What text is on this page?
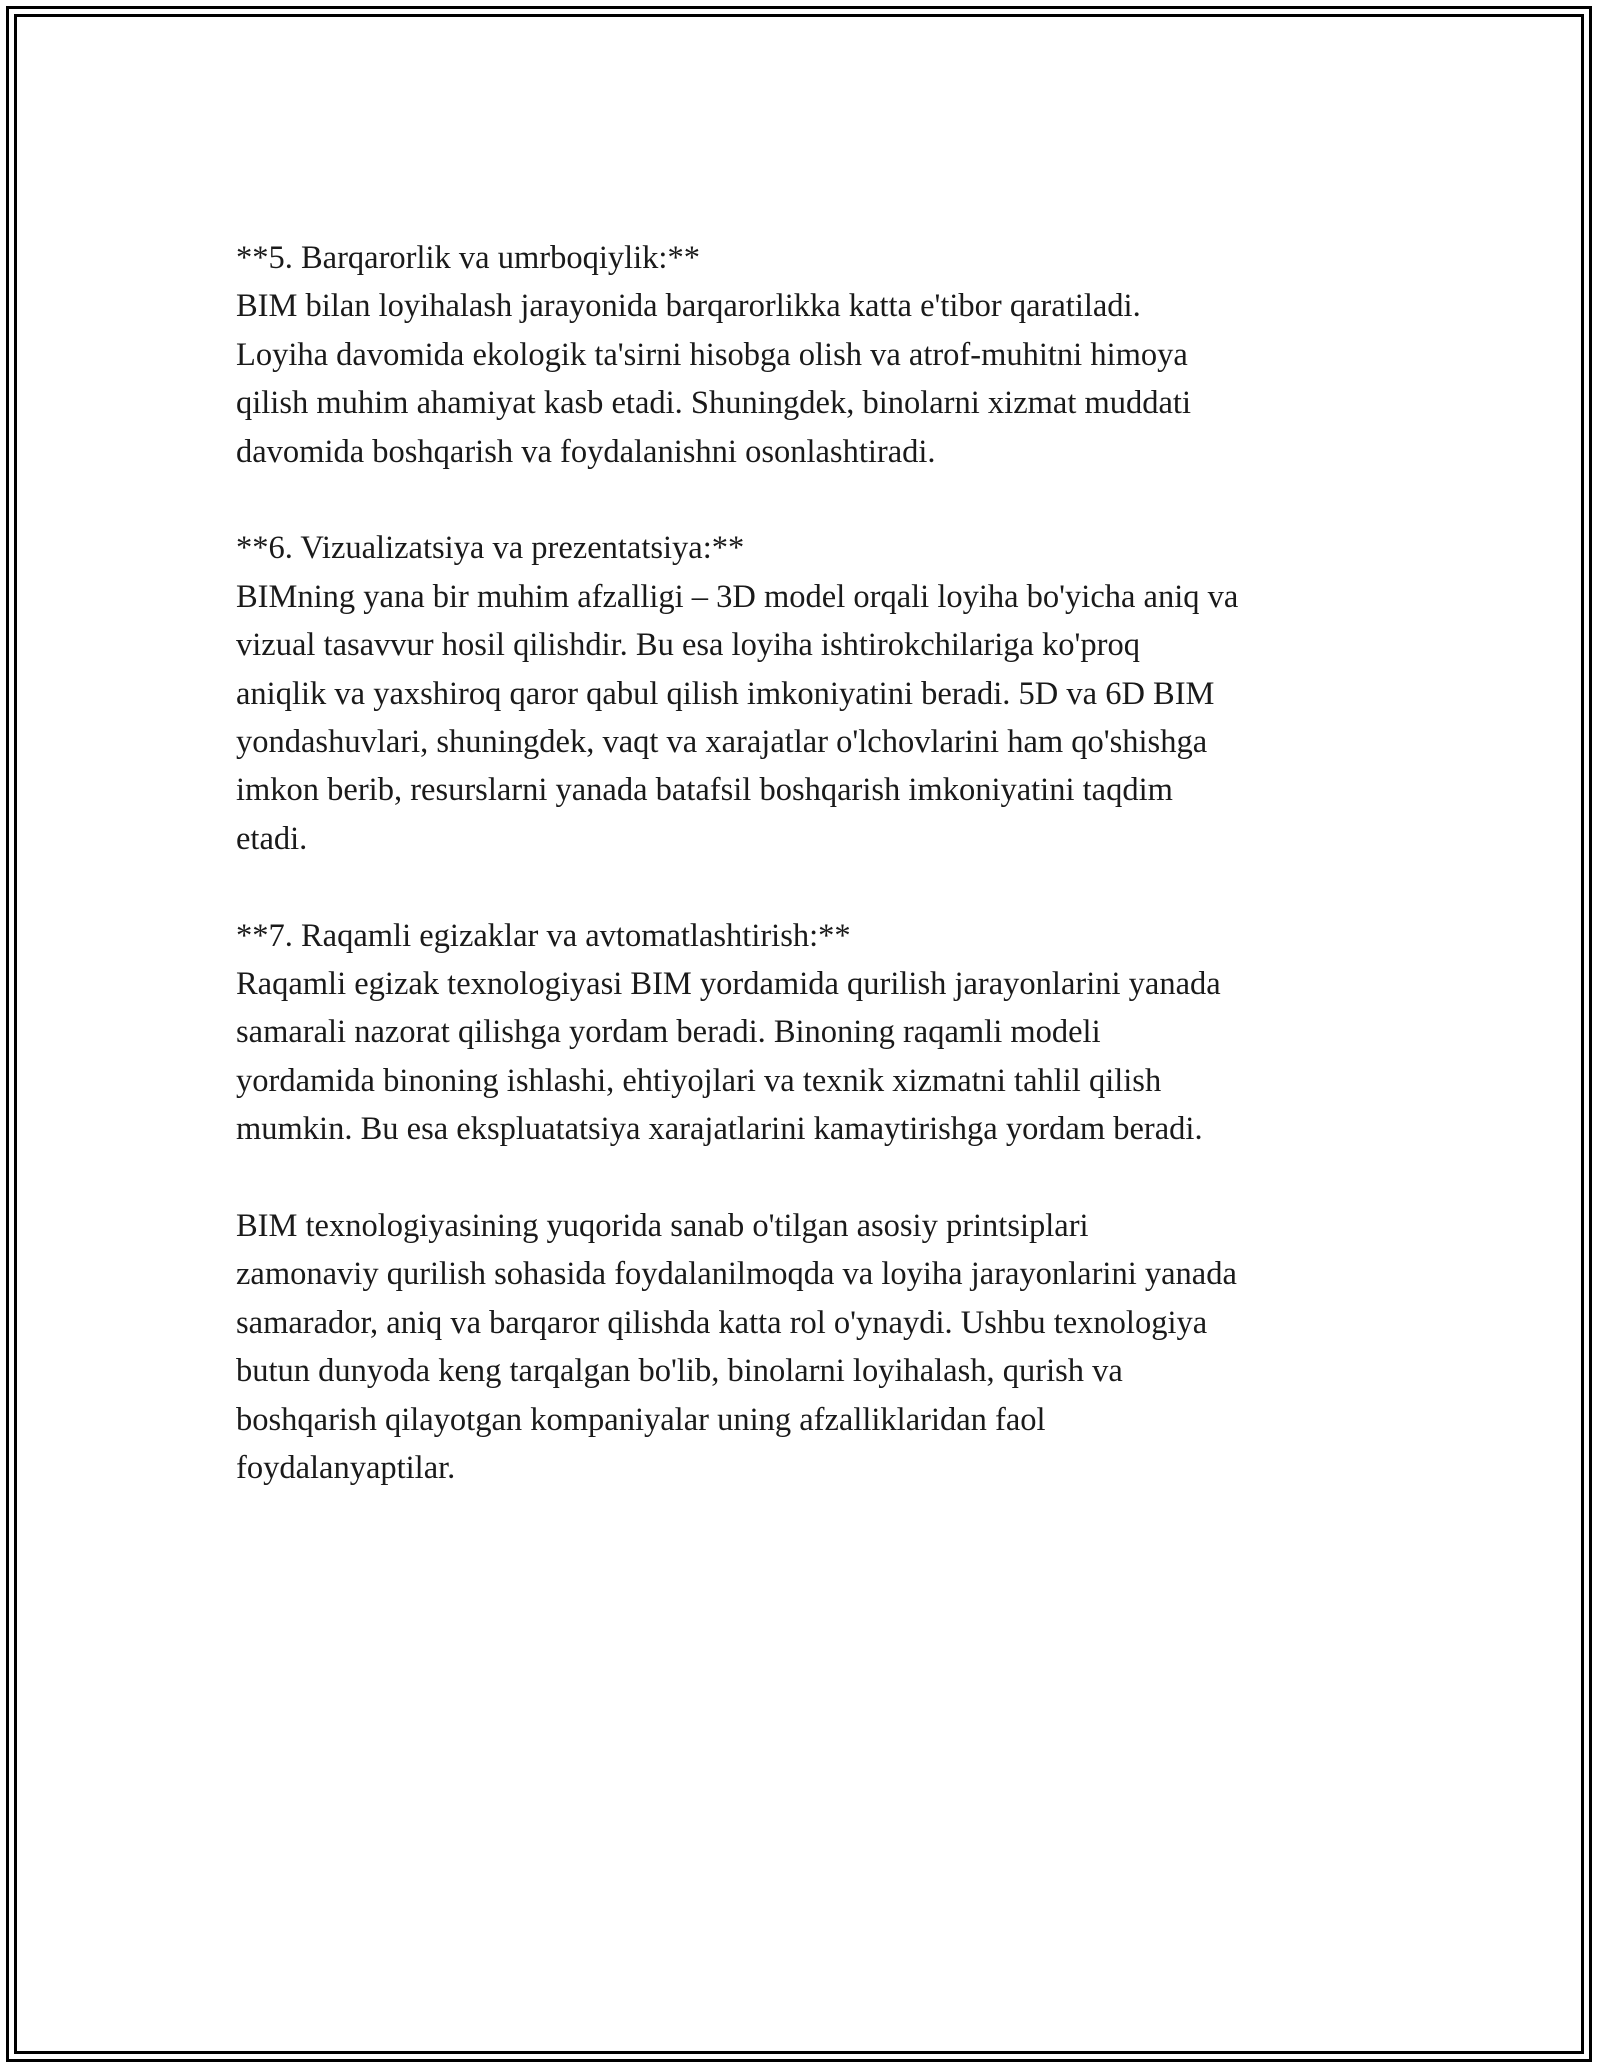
**5. Barqarorlik va umrboqiylik:**
BIM bilan loyihalash jarayonida barqarorlikka katta e'tibor qaratiladi.
Loyiha davomida ekologik ta'sirni hisobga olish va atrof-muhitni himoya
qilish muhim ahamiyat kasb etadi. Shuningdek, binolarni xizmat muddati
davomida boshqarish va foydalanishni osonlashtiradi.

**6. Vizualizatsiya va prezentatsiya:**
BIMning yana bir muhim afzalligi – 3D model orqali loyiha bo'yicha aniq va
vizual tasavvur hosil qilishdir. Bu esa loyiha ishtirokchilariga ko'proq
aniqlik va yaxshiroq qaror qabul qilish imkoniyatini beradi. 5D va 6D BIM
yondashuvlari, shuningdek, vaqt va xarajatlar o'lchovlarini ham qo'shishga
imkon berib, resurslarni yanada batafsil boshqarish imkoniyatini taqdim
etadi.

**7. Raqamli egizaklar va avtomatlashtirish:**
Raqamli egizak texnologiyasi BIM yordamida qurilish jarayonlarini yanada
samarali nazorat qilishga yordam beradi. Binoning raqamli modeli
yordamida binoning ishlashi, ehtiyojlari va texnik xizmatni tahlil qilish
mumkin. Bu esa ekspluatatsiya xarajatlarini kamaytirishga yordam beradi.

BIM texnologiyasining yuqorida sanab o'tilgan asosiy printsiplari
zamonaviy qurilish sohasida foydalanilmoqda va loyiha jarayonlarini yanada
samarador, aniq va barqaror qilishda katta rol o'ynaydi. Ushbu texnologiya
butun dunyoda keng tarqalgan bo'lib, binolarni loyihalash, qurish va
boshqarish qilayotgan kompaniyalar uning afzalliklaridan faol
foydalanyaptilar.
